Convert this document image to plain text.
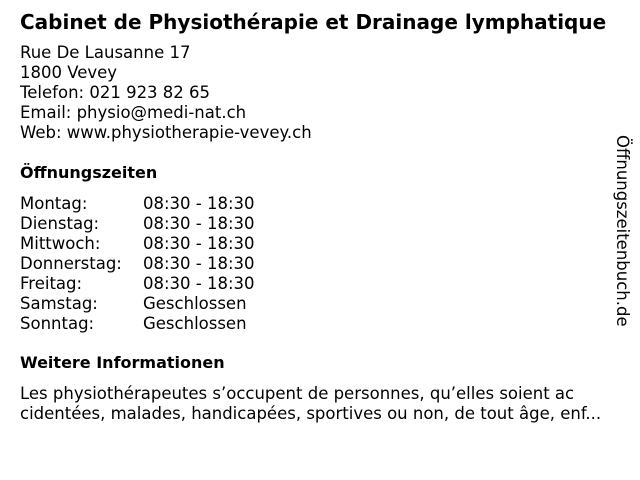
Cabinet de Physiothérapie et Drainage lymphatique
Rue De Lausanne 17
1800 Vevey
Telefon: 021 923 82 65
Email: physio@medi-nat.ch
Web: www.physiotherapie-vevey.ch
Öffnungszeiten
Montag:	08:30 - 18:30
Dienstag:	08:30 - 18:30
Mittwoch:	08:30 - 18:30
Donnerstag:	08:30 - 18:30
Freitag:	08:30 - 18:30
Samstag:	Geschlossen
Sonntag:	Geschlossen
Weitere Informationen
Les physiothérapeutes s’occupent de personnes, qu’elles soient ac
cidentées, malades, handicapées, sportives ou non, de tout âge, enf...
Öffnungszeitenbuch.de
